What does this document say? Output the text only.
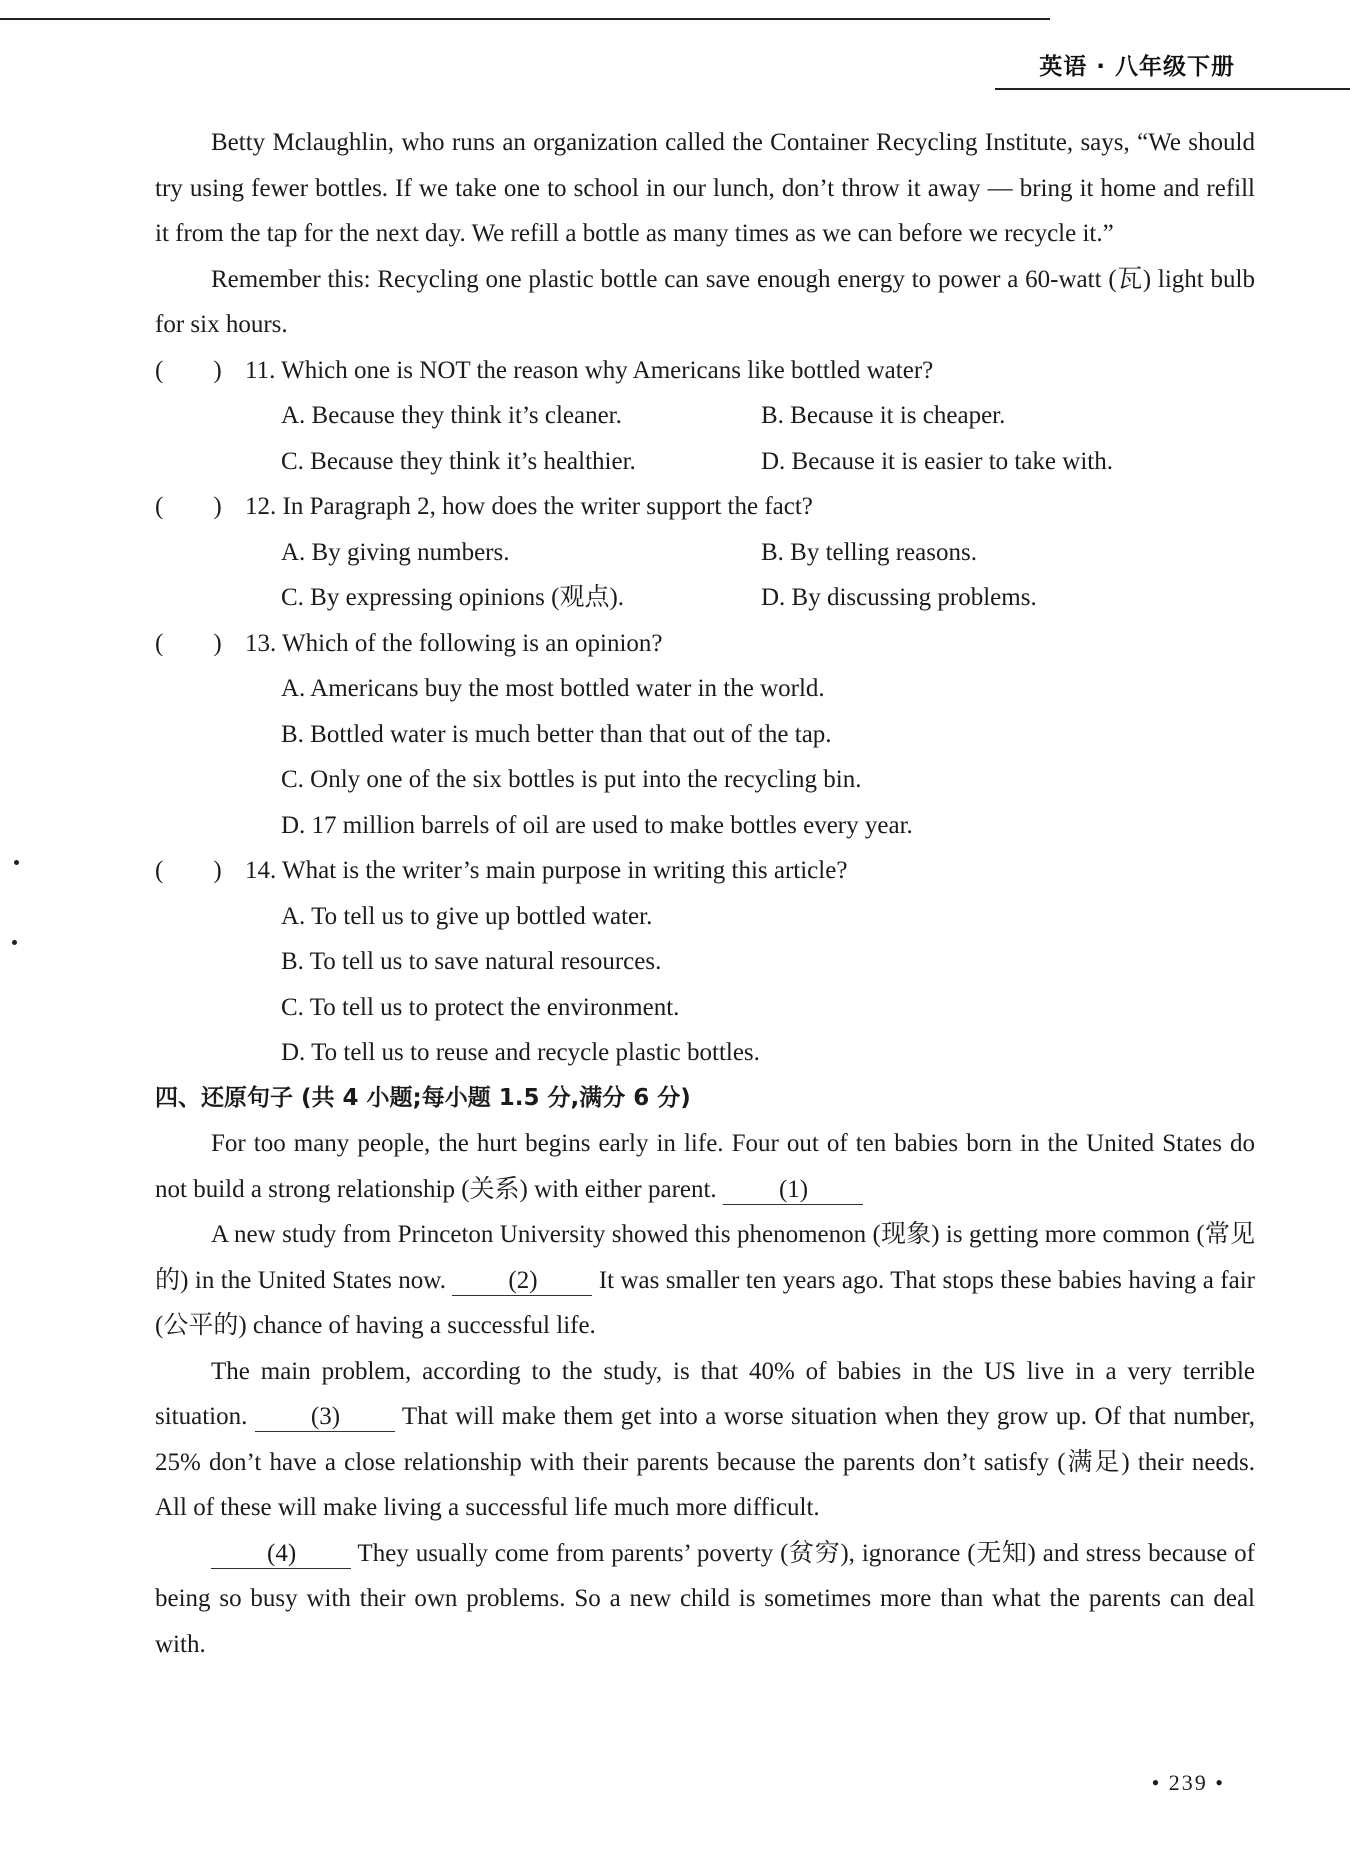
英语 · 八年级下册

Betty Mclaughlin, who runs an organization called the Container Recycling Institute, says, “We should try using fewer bottles. If we take one to school in our lunch, don’t throw it away — bring it home and refill it from the tap for the next day. We refill a bottle as many times as we can before we recycle it.”

Remember this: Recycling one plastic bottle can save enough energy to power a 60-watt (瓦) light bulb for six hours.

(　　) 11. Which one is NOT the reason why Americans like bottled water?

A. Because they think it’s cleaner.	B. Because it is cheaper.
C. Because they think it’s healthier.	D. Because it is easier to take with.

(　　) 12. In Paragraph 2, how does the writer support the fact?

A. By giving numbers.	B. By telling reasons.
C. By expressing opinions (观点).	D. By discussing problems.

(　　) 13. Which of the following is an opinion?

A. Americans buy the most bottled water in the world.

B. Bottled water is much better than that out of the tap.

C. Only one of the six bottles is put into the recycling bin.

D. 17 million barrels of oil are used to make bottles every year.

(　　) 14. What is the writer’s main purpose in writing this article?

A. To tell us to give up bottled water.

B. To tell us to save natural resources.

C. To tell us to protect the environment.

D. To tell us to reuse and recycle plastic bottles.

四、还原句子 (共 4 小题;每小题 1.5 分,满分 6 分)

For too many people, the hurt begins early in life. Four out of ten babies born in the United States do not build a strong relationship (关系) with either parent. (1)

A new study from Princeton University showed this phenomenon (现象) is getting more common (常见的) in the United States now. (2) It was smaller ten years ago. That stops these babies having a fair (公平的) chance of having a successful life.

The main problem, according to the study, is that 40% of babies in the US live in a very terrible situation. (3) That will make them get into a worse situation when they grow up. Of that number, 25% don’t have a close relationship with their parents because the parents don’t satisfy (满足) their needs. All of these will make living a successful life much more difficult.

(4) They usually come from parents’ poverty (贫穷), ignorance (无知) and stress because of being so busy with their own problems. So a new child is sometimes more than what the parents can deal with.

• 239 •
